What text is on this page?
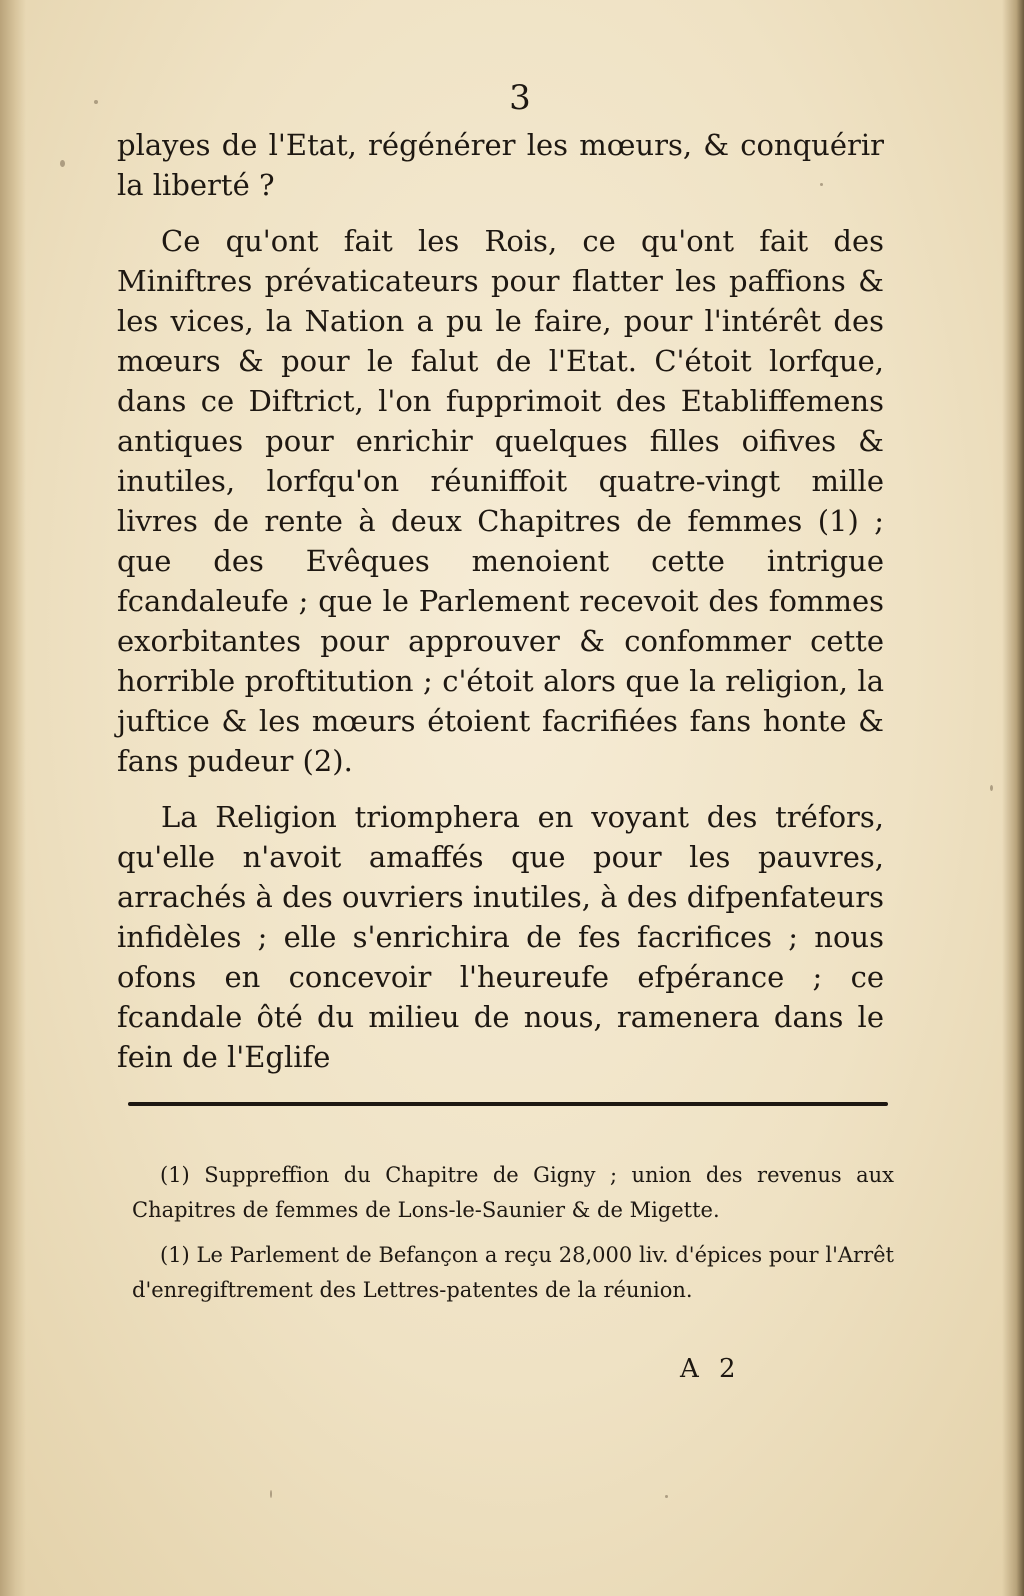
3

playes de l'Etat, régénérer les mœurs, & conquérir la liberté ?

Ce qu'ont fait les Rois, ce qu'ont fait des Miniftres prévaticateurs pour flatter les paffions & les vices, la Nation a pu le faire, pour l'intérêt des mœurs & pour le falut de l'Etat. C'étoit lorfque, dans ce Diftrict, l'on fupprimoit des Etabliffemens antiques pour enrichir quelques filles oifives & inutiles, lorfqu'on réuniffoit quatre-vingt mille livres de rente à deux Chapitres de femmes (1) ; que des Evêques menoient cette intrigue fcandaleufe ; que le Parlement recevoit des fommes exorbitantes pour approuver & confommer cette horrible proftitution ; c'étoit alors que la religion, la juftice & les mœurs étoient facrifiées fans honte & fans pudeur (2).

La Religion triomphera en voyant des tréfors, qu'elle n'avoit amaffés que pour les pauvres, arrachés à des ouvriers inutiles, à des difpenfateurs infidèles ; elle s'enrichira de fes facrifices ; nous ofons en concevoir l'heureufe efpérance ; ce fcandale ôté du milieu de nous, ramenera dans le fein de l'Eglife

(1) Suppreffion du Chapitre de Gigny ; union des revenus aux Chapitres de femmes de Lons-le-Saunier & de Migette.

(1) Le Parlement de Befançon a reçu 28,000 liv. d'épices pour l'Arrêt d'enregiftrement des Lettres-patentes de la réunion.

A 2
